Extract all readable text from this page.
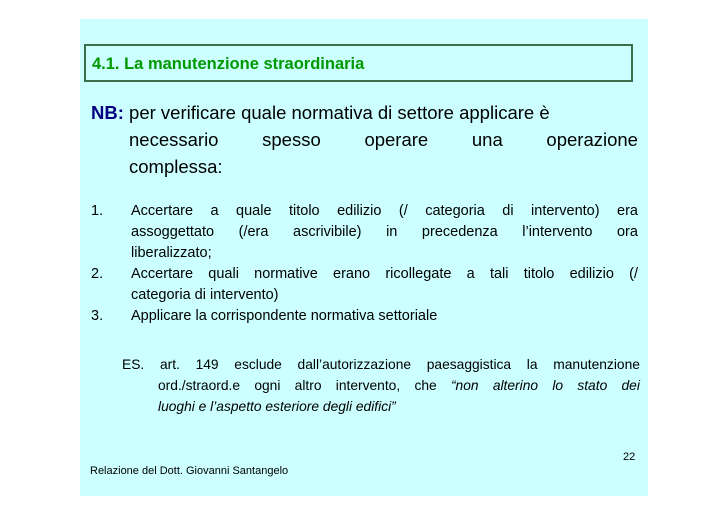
4.1. La manutenzione straordinaria
NB: per verificare quale normativa di settore applicare è
necessario spesso operare una operazione
complessa:
1. Accertare a quale titolo edilizio (/ categoria di intervento) era
assoggettato (/era ascrivibile) in precedenza l’intervento ora
liberalizzato;
2. Accertare quali normative erano ricollegate a tali titolo edilizio (/
categoria di intervento)
3. Applicare la corrispondente normativa settoriale
ES. art. 149 esclude dall’autorizzazione paesaggistica la manutenzione
ord./straord.e ogni altro intervento, che “non alterino lo stato dei
luoghi e l’aspetto esteriore degli edifici”
22
Relazione del Dott. Giovanni Santangelo
